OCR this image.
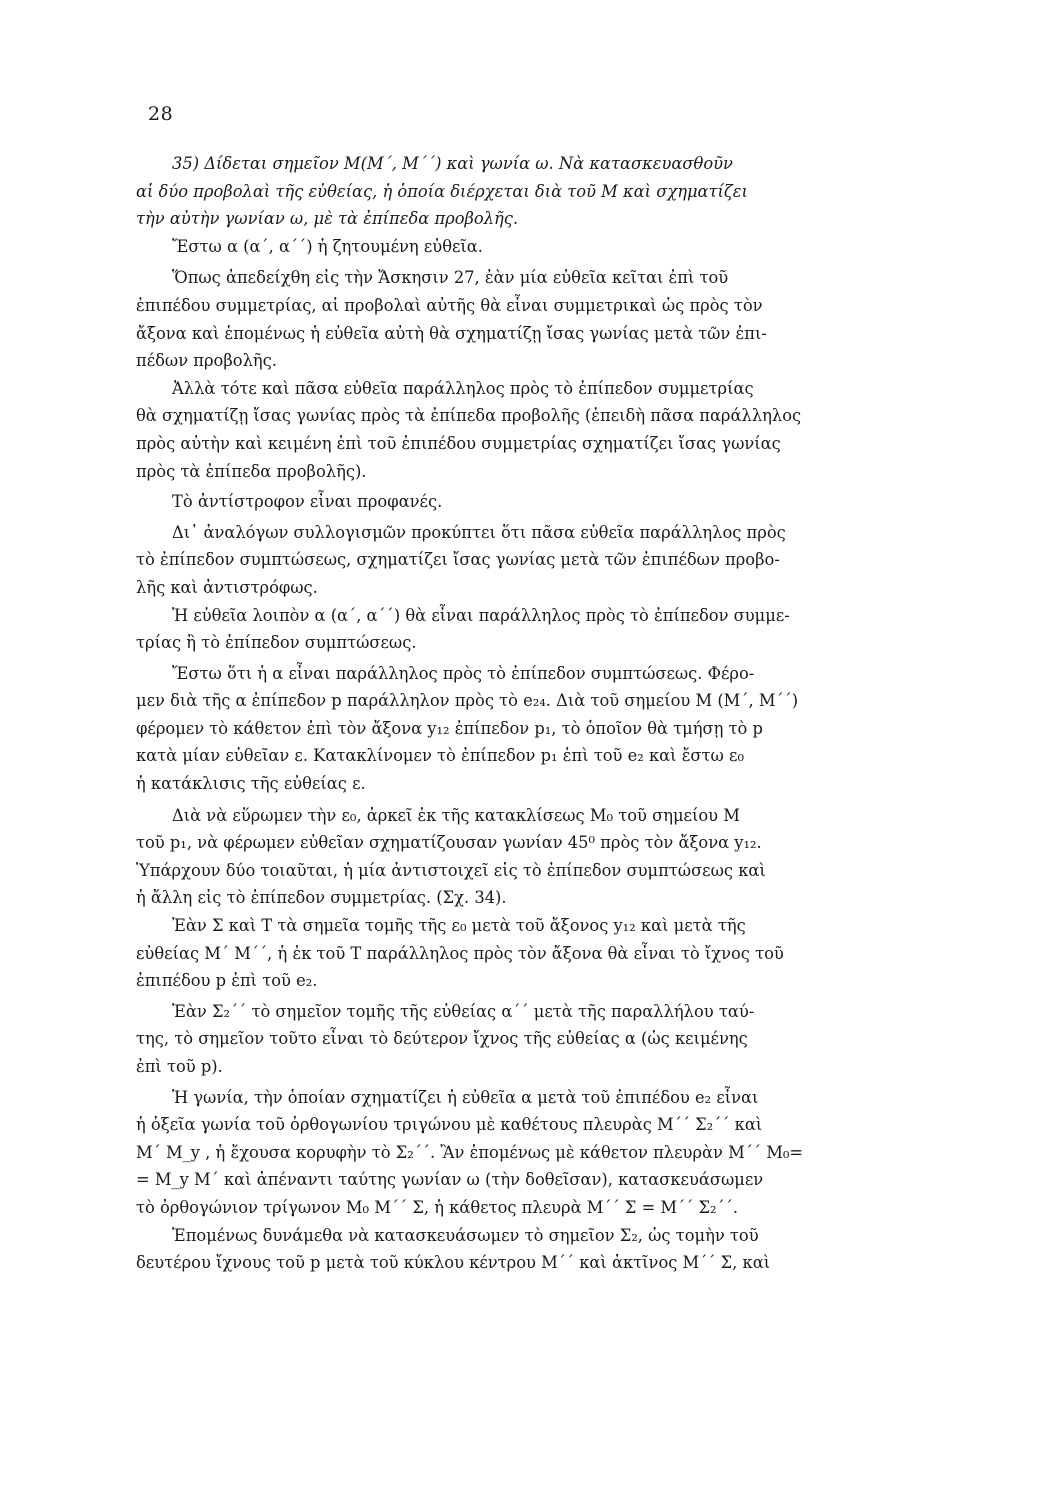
28

35) Δίδεται σημεῖον Μ(Μ΄, Μ΄΄) καὶ γωνία ω. Νὰ κατασκευασθοῦν
αἱ δύο προβολαὶ τῆς εὐθείας, ἡ ὁποία διέρχεται διὰ τοῦ Μ καὶ σχηματίζει
τὴν αὐτὴν γωνίαν ω, μὲ τὰ ἐπίπεδα προβολῆς.

Ἔστω α (α΄, α΄΄) ἡ ζητουμένη εὐθεῖα.

Ὅπως ἀπεδείχθη εἰς τὴν Ἄσκησιν 27, ἐὰν μία εὐθεῖα κεῖται ἐπὶ τοῦ
ἐπιπέδου συμμετρίας, αἱ προβολαὶ αὐτῆς θὰ εἶναι συμμετρικαὶ ὡς πρὸς τὸν
ἄξονα καὶ ἑπομένως ἡ εὐθεῖα αὐτὴ θὰ σχηματίζῃ ἴσας γωνίας μετὰ τῶν ἐπι-
πέδων προβολῆς.

Ἀλλὰ τότε καὶ πᾶσα εὐθεῖα παράλληλος πρὸς τὸ ἐπίπεδον συμμετρίας
θὰ σχηματίζῃ ἴσας γωνίας πρὸς τὰ ἐπίπεδα προβολῆς (ἐπειδὴ πᾶσα παράλληλος
πρὸς αὐτὴν καὶ κειμένη ἐπὶ τοῦ ἐπιπέδου συμμετρίας σχηματίζει ἴσας γωνίας
πρὸς τὰ ἐπίπεδα προβολῆς).

Τὸ ἀντίστροφον εἶναι προφανές.

Δι᾽ ἀναλόγων συλλογισμῶν προκύπτει ὅτι πᾶσα εὐθεῖα παράλληλος πρὸς
τὸ ἐπίπεδον συμπτώσεως, σχηματίζει ἴσας γωνίας μετὰ τῶν ἐπιπέδων προβο-
λῆς καὶ ἀντιστρόφως.

Ἡ εὐθεῖα λοιπὸν α (α΄, α΄΄) θὰ εἶναι παράλληλος πρὸς τὸ ἐπίπεδον συμμε-
τρίας ἢ τὸ ἐπίπεδον συμπτώσεως.

Ἔστω ὅτι ἡ α εἶναι παράλληλος πρὸς τὸ ἐπίπεδον συμπτώσεως. Φέρο-
μεν διὰ τῆς α ἐπίπεδον p παράλληλον πρὸς τὸ e₂₄. Διὰ τοῦ σημείου Μ (Μ΄, Μ΄΄)
φέρομεν τὸ κάθετον ἐπὶ τὸν ἄξονα y₁₂ ἐπίπεδον p₁, τὸ ὁποῖον θὰ τμήσῃ τὸ p
κατὰ μίαν εὐθεῖαν ε. Κατακλίνομεν τὸ ἐπίπεδον p₁ ἐπὶ τοῦ e₂ καὶ ἔστω ε₀
ἡ κατάκλισις τῆς εὐθείας ε.

Διὰ νὰ εὕρωμεν τὴν ε₀, ἀρκεῖ ἐκ τῆς κατακλίσεως Μ₀ τοῦ σημείου Μ
τοῦ p₁, νὰ φέρωμεν εὐθεῖαν σχηματίζουσαν γωνίαν 45⁰ πρὸς τὸν ἄξονα y₁₂.
Ὑπάρχουν δύο τοιαῦται, ἡ μία ἀντιστοιχεῖ εἰς τὸ ἐπίπεδον συμπτώσεως καὶ
ἡ ἄλλη εἰς τὸ ἐπίπεδον συμμετρίας. (Σχ. 34).

Ἐὰν Σ καὶ Τ τὰ σημεῖα τομῆς τῆς ε₀ μετὰ τοῦ ἄξονος y₁₂ καὶ μετὰ τῆς
εὐθείας Μ΄ Μ΄΄, ἡ ἐκ τοῦ Τ παράλληλος πρὸς τὸν ἄξονα θὰ εἶναι τὸ ἴχνος τοῦ
ἐπιπέδου p ἐπὶ τοῦ e₂.

Ἐὰν Σ₂΄΄ τὸ σημεῖον τομῆς τῆς εὐθείας α΄΄ μετὰ τῆς παραλλήλου ταύ-
της, τὸ σημεῖον τοῦτο εἶναι τὸ δεύτερον ἴχνος τῆς εὐθείας α (ὡς κειμένης
ἐπὶ τοῦ p).

Ἡ γωνία, τὴν ὁποίαν σχηματίζει ἡ εὐθεῖα α μετὰ τοῦ ἐπιπέδου e₂ εἶναι
ἡ ὀξεῖα γωνία τοῦ ὀρθογωνίου τριγώνου μὲ καθέτους πλευρὰς Μ΄΄ Σ₂΄΄ καὶ
Μ΄ Μ_y , ἡ ἔχουσα κορυφὴν τὸ Σ₂΄΄. Ἂν ἑπομένως μὲ κάθετον πλευρὰν M΄΄ M₀=
= M_y M΄ καὶ ἀπέναντι ταύτης γωνίαν ω (τὴν δοθεῖσαν), κατασκευάσωμεν
τὸ ὀρθογώνιον τρίγωνον Μ₀ Μ΄΄ Σ, ἡ κάθετος πλευρὰ M΄΄ Σ = M΄΄ Σ₂΄΄.

Ἑπομένως δυνάμεθα νὰ κατασκευάσωμεν τὸ σημεῖον Σ₂, ὡς τομὴν τοῦ
δευτέρου ἴχνους τοῦ p μετὰ τοῦ κύκλου κέντρου Μ΄΄ καὶ ἀκτῖνος M΄΄ Σ, καὶ
